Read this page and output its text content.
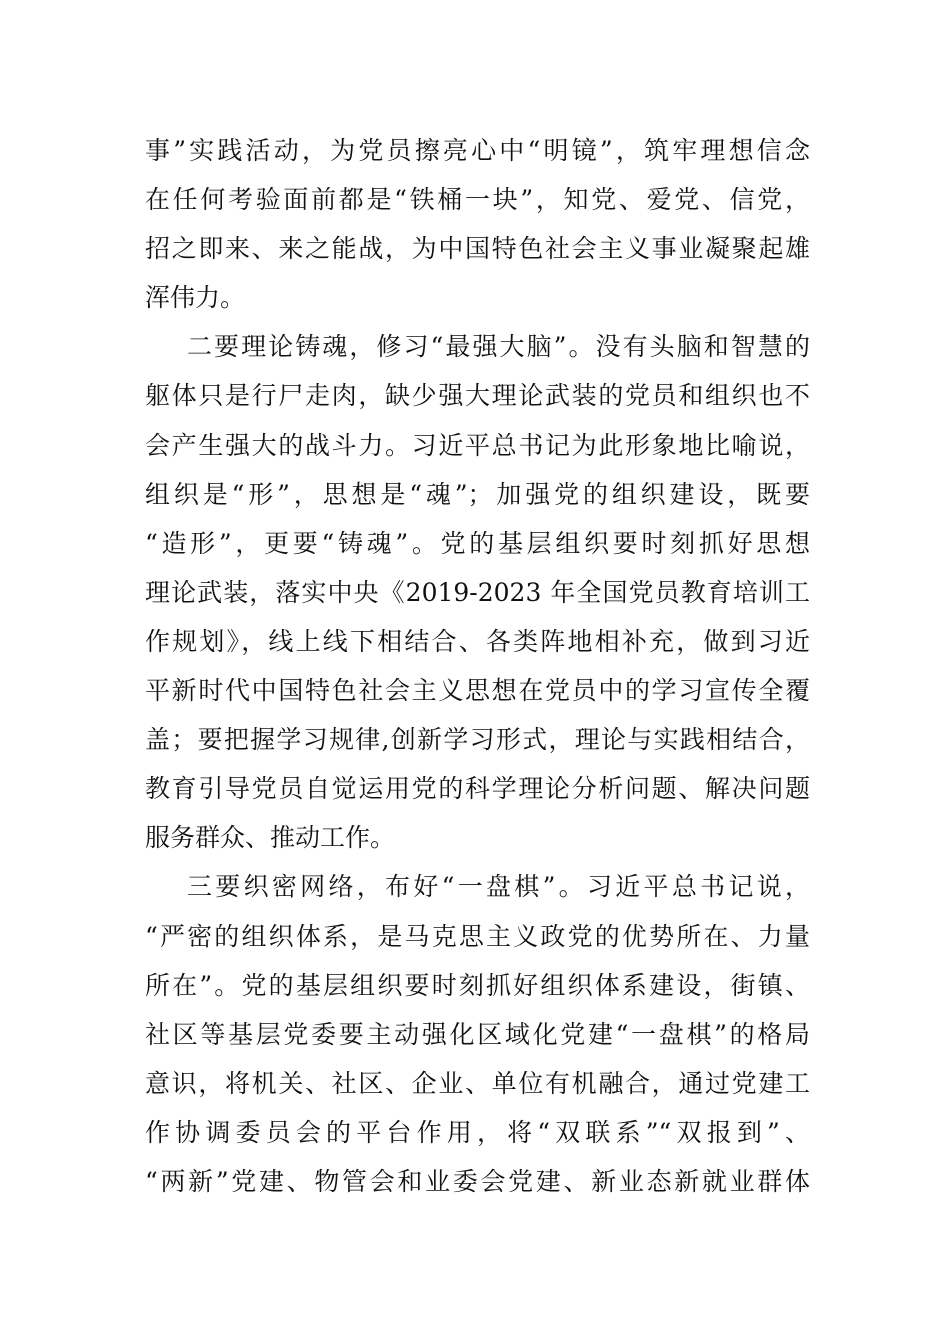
事”实践活动，为党员擦亮心中“明镜”，筑牢理想信念
在任何考验面前都是“铁桶一块”，知党、爱党、信党，
招之即来、来之能战，为中国特色社会主义事业凝聚起雄
浑伟力。
二要理论铸魂，修习“最强大脑”。没有头脑和智慧的
躯体只是行尸走肉，缺少强大理论武装的党员和组织也不
会产生强大的战斗力。习近平总书记为此形象地比喻说，
组织是“形”，思想是“魂”；加强党的组织建设，既要
“造形”，更要“铸魂”。党的基层组织要时刻抓好思想
理论武装，落实中央《2019-2023 年全国党员教育培训工
作规划》，线上线下相结合、各类阵地相补充，做到习近
平新时代中国特色社会主义思想在党员中的学习宣传全覆
盖；要把握学习规律,创新学习形式，理论与实践相结合，
教育引导党员自觉运用党的科学理论分析问题、解决问题
服务群众、推动工作。
三要织密网络，布好“一盘棋”。习近平总书记说，
“严密的组织体系，是马克思主义政党的优势所在、力量
所在”。党的基层组织要时刻抓好组织体系建设，街镇、
社区等基层党委要主动强化区域化党建“一盘棋”的格局
意识，将机关、社区、企业、单位有机融合，通过党建工
作协调委员会的平台作用，将“双联系”“双报到”、
“两新”党建、物管会和业委会党建、新业态新就业群体
